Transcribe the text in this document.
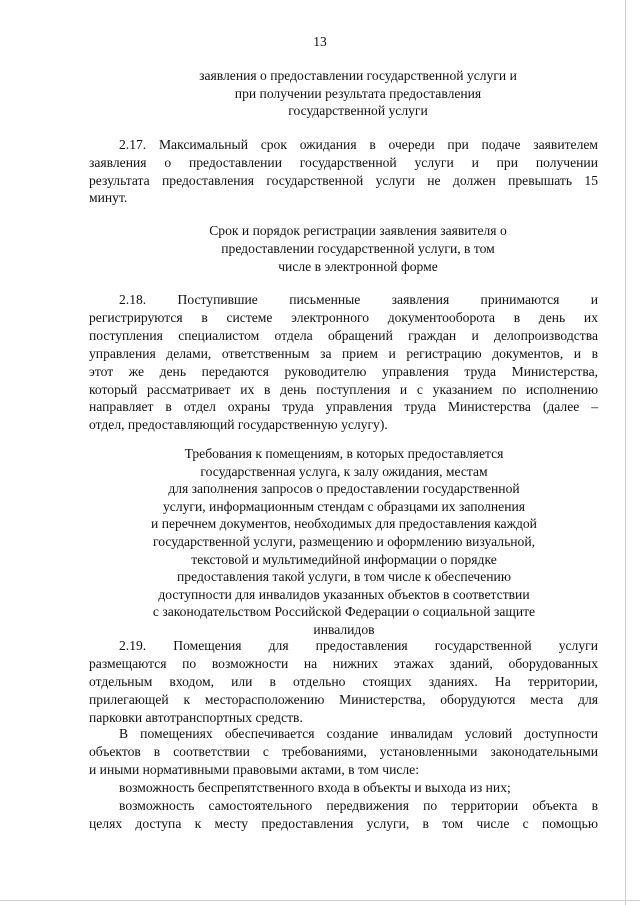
13
заявления о предоставлении государственной услуги и
при получении результата предоставления
государственной услуги
2.17. Максимальный срок ожидания в очереди при подаче заявителем
заявления о предоставлении государственной услуги и при получении
результата предоставления государственной услуги не должен превышать 15
минут.
Срок и порядок регистрации заявления заявителя о
предоставлении государственной услуги, в том
числе в электронной форме
2.18.    Поступившие    письменные    заявления    принимаются    и
регистрируются в системе электронного документооборота в день их
поступления специалистом отдела обращений граждан и делопроизводства
управления делами, ответственным за прием и регистрацию документов, и в
этот же день передаются руководителю управления труда Министерства,
который рассматривает их в день поступления и с указанием по исполнению
направляет в отдел охраны труда управления труда Министерства (далее –
отдел, предоставляющий государственную услугу).
Требования к помещениям, в которых предоставляется
государственная услуга, к залу ожидания, местам
для заполнения запросов о предоставлении государственной
услуги, информационным стендам с образцами их заполнения
и перечнем документов, необходимых для предоставления каждой
государственной услуги, размещению и оформлению визуальной,
текстовой и мультимедийной информации о порядке
предоставления такой услуги, в том числе к обеспечению
доступности для инвалидов указанных объектов в соответствии
с законодательством Российской Федерации о социальной защите
инвалидов
2.19.   Помещения   для   предоставления   государственной   услуги
размещаются по возможности на нижних этажах зданий, оборудованных
отдельным входом, или в отдельно стоящих зданиях. На территории,
прилегающей к месторасположению Министерства, оборудуются места для
парковки автотранспортных средств.
В помещениях обеспечивается создание инвалидам условий доступности
объектов в соответствии с требованиями, установленными законодательными
и иными нормативными правовыми актами, в том числе:
возможность беспрепятственного входа в объекты и выхода из них;
возможность самостоятельного передвижения по территории объекта в
целях доступа к месту предоставления услуги, в том числе с помощью
